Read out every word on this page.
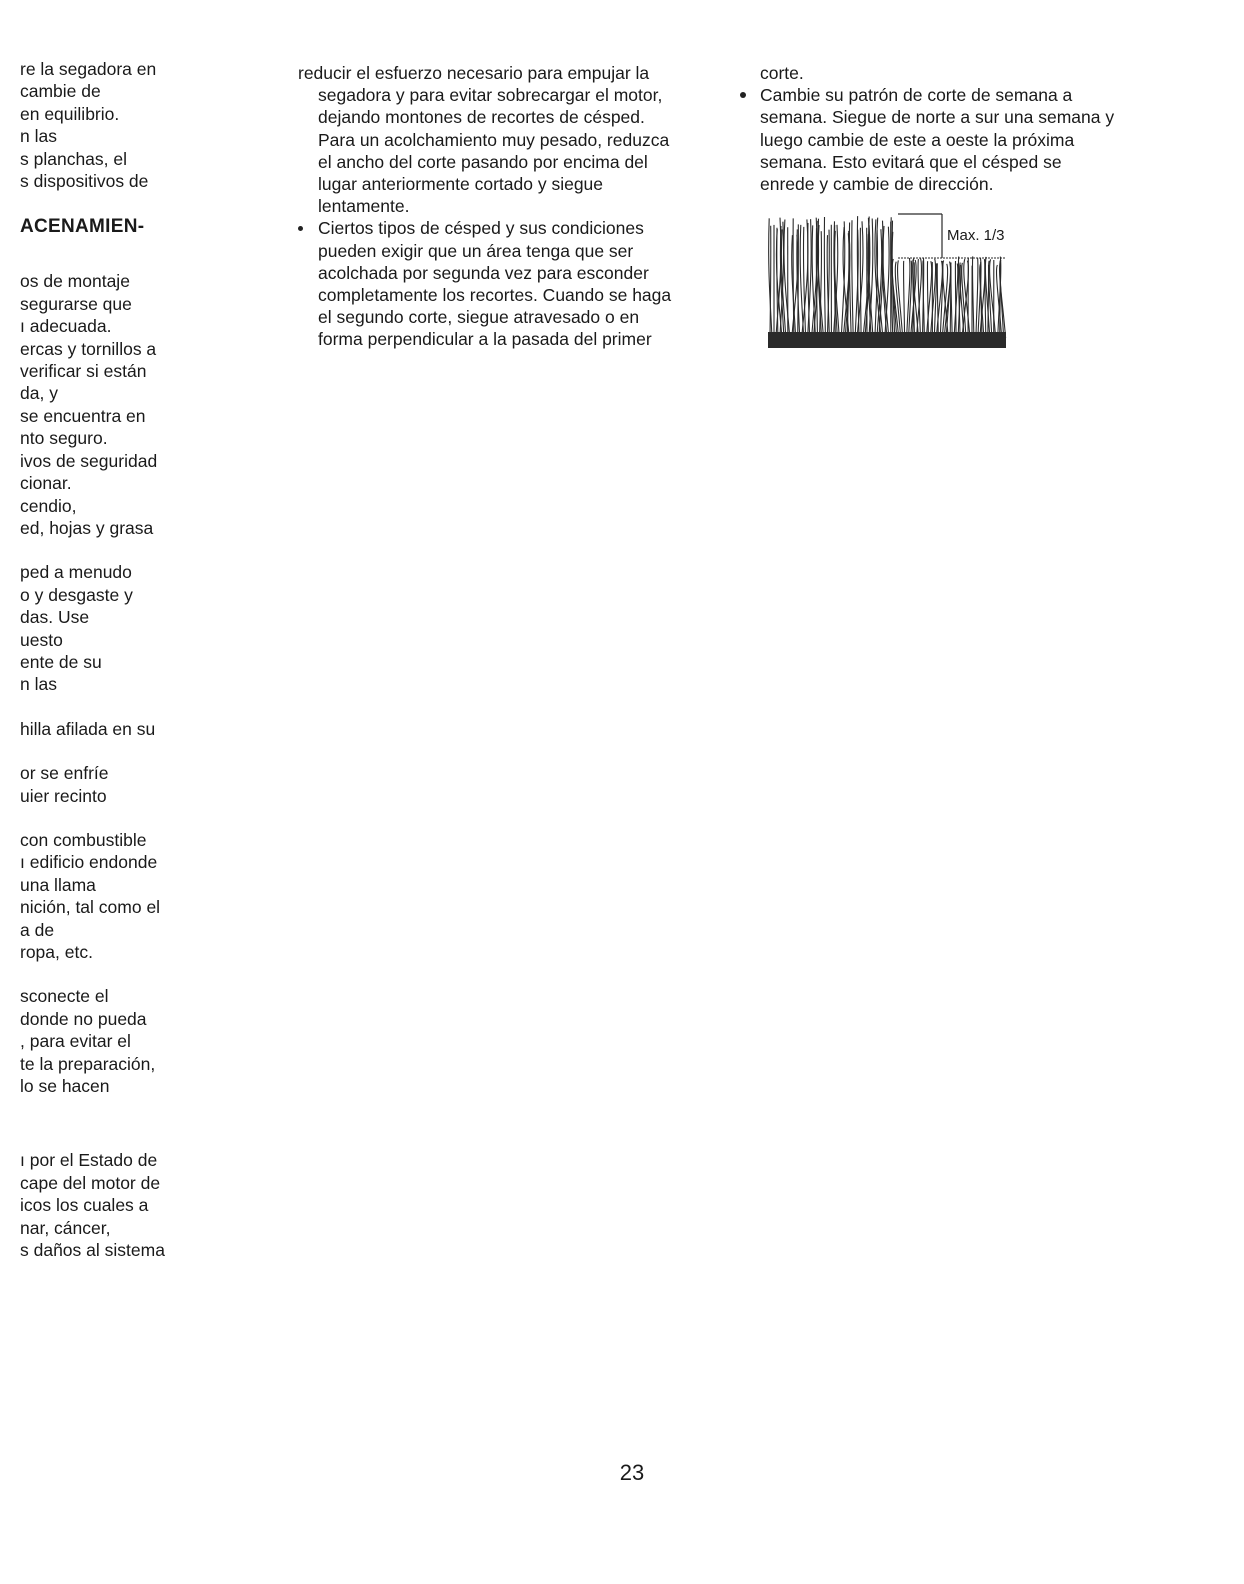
re la segadora en
cambie de
en equilibrio.
n las
s planchas, el
s dispositivos de
ACENAMIEN-
os de montaje
segurarse que
ı adecuada.
ercas y tornillos a
verificar si están
da, y
se encuentra en
nto seguro.
ivos de seguridad
cionar.
cendio,
ed, hojas y grasa
ped a menudo
o y desgaste y
das. Use
uesto
ente de su
n las
hilla afilada en su
or se enfríe
uier recinto
con combustible
ı edificio endonde
una llama
nición, tal como el
a de
ropa, etc.
sconecte el
donde no pueda
, para evitar el
te la preparación,
lo se hacen
ı por el Estado de
cape del motor de
icos los cuales a
nar, cáncer,
s daños al sistema
reducir el esfuerzo necesario para empujar la
segadora y para evitar sobrecargar el motor,
dejando montones de recortes de césped.
Para un acolchamiento muy pesado, reduzca
el ancho del corte pasando por encima del
lugar anteriormente cortado y siegue
lentamente.
Ciertos tipos de césped y sus condiciones
pueden exigir que un área tenga que ser
acolchada por segunda vez para esconder
completamente los recortes. Cuando se haga
el segundo corte, siegue atravesado o en
forma perpendicular a la pasada del primer
corte.
Cambie su patrón de corte de semana a
semana. Siegue de norte a sur una semana y
luego cambie de este a oeste la próxima
semana. Esto evitará que el césped se
enrede y cambie de dirección.
Max. 1/3
23
